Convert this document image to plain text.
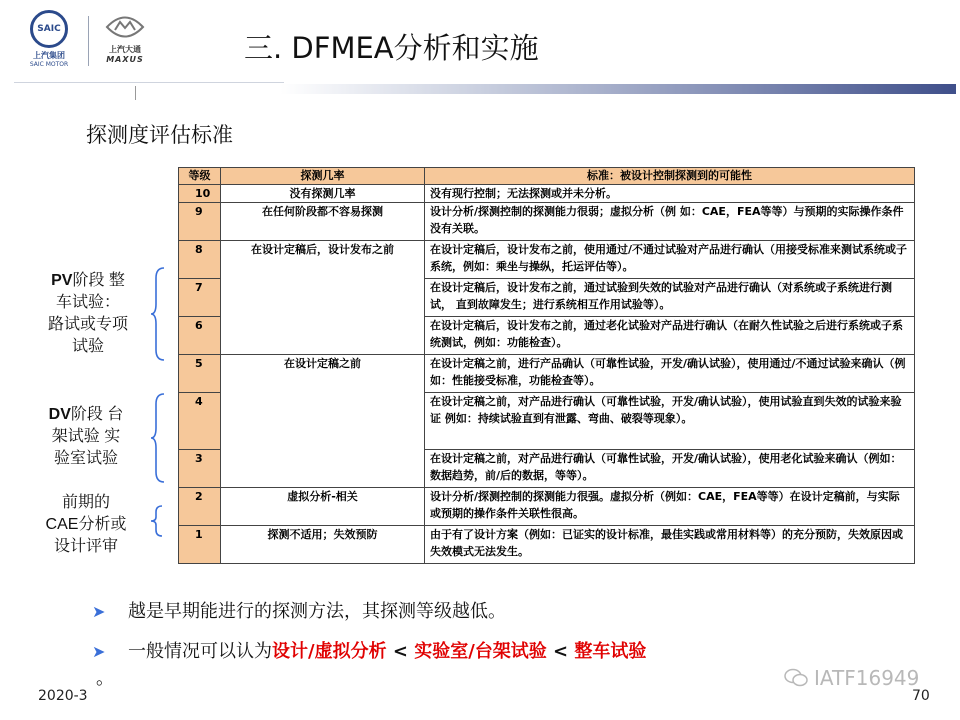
SAIC
上汽集团
SAIC MOTOR
上汽大通
MAXUS	三. DFMEA分析和实施
探测度评估标准
PV阶段 整
车试验：
路试或专项
试验
DV阶段 台
架试验 实
验室试验
前期的
CAE分析或
设计评审
等级	探测几率	标准：被设计控制探测到的可能性
10	没有探测几率	没有现行控制；无法探测或并未分析。
9	在任何阶段都不容易探测	设计分析/探测控制的探测能力很弱；虚拟分析（例 如：CAE，FEA等等）与预期的实际操作条件没有关联。
8	在设计定稿后，设计发布之前	在设计定稿后，设计发布之前，使用通过/不通过试验对产品进行确认（用接受标准来测试系统或子系统，例如：乘坐与操纵，托运评估等）。
7		在设计定稿后，设计发布之前，通过试验到失效的试验对产品进行确认（对系统或子系统进行测试， 直到故障发生；进行系统相互作用试验等）。
6		在设计定稿后，设计发布之前，通过老化试验对产品进行确认（在耐久性试验之后进行系统或子系统测试，例如：功能检查）。
5	在设计定稿之前	在设计定稿之前，进行产品确认（可靠性试验，开发/确认试验），使用通过/不通过试验来确认（例如：性能接受标准，功能检查等）。
4		在设计定稿之前，对产品进行确认（可靠性试验，开发/确认试验），使用试验直到失效的试验来验证 例如：持续试验直到有泄露、弯曲、破裂等现象）。
3		在设计定稿之前，对产品进行确认（可靠性试验，开发/确认试验），使用老化试验来确认（例如：数据趋势，前/后的数据，等等）。
2	虚拟分析-相关	设计分析/探测控制的探测能力很强。虚拟分析（例如：CAE，FEA等等）在设计定稿前，与实际或预期的操作条件关联性很高。
1	探测不适用；失效预防	由于有了设计方案（例如：已证实的设计标准，最佳实践或常用材料等）的充分预防，失效原因或失效模式无法发生。
➤ 越是早期能进行的探测方法，其探测等级越低。
➤ 一般情况可以认为设计/虚拟分析 < 实验室/台架试验 < 整车试验
。	IATF16949
2020-3	70
